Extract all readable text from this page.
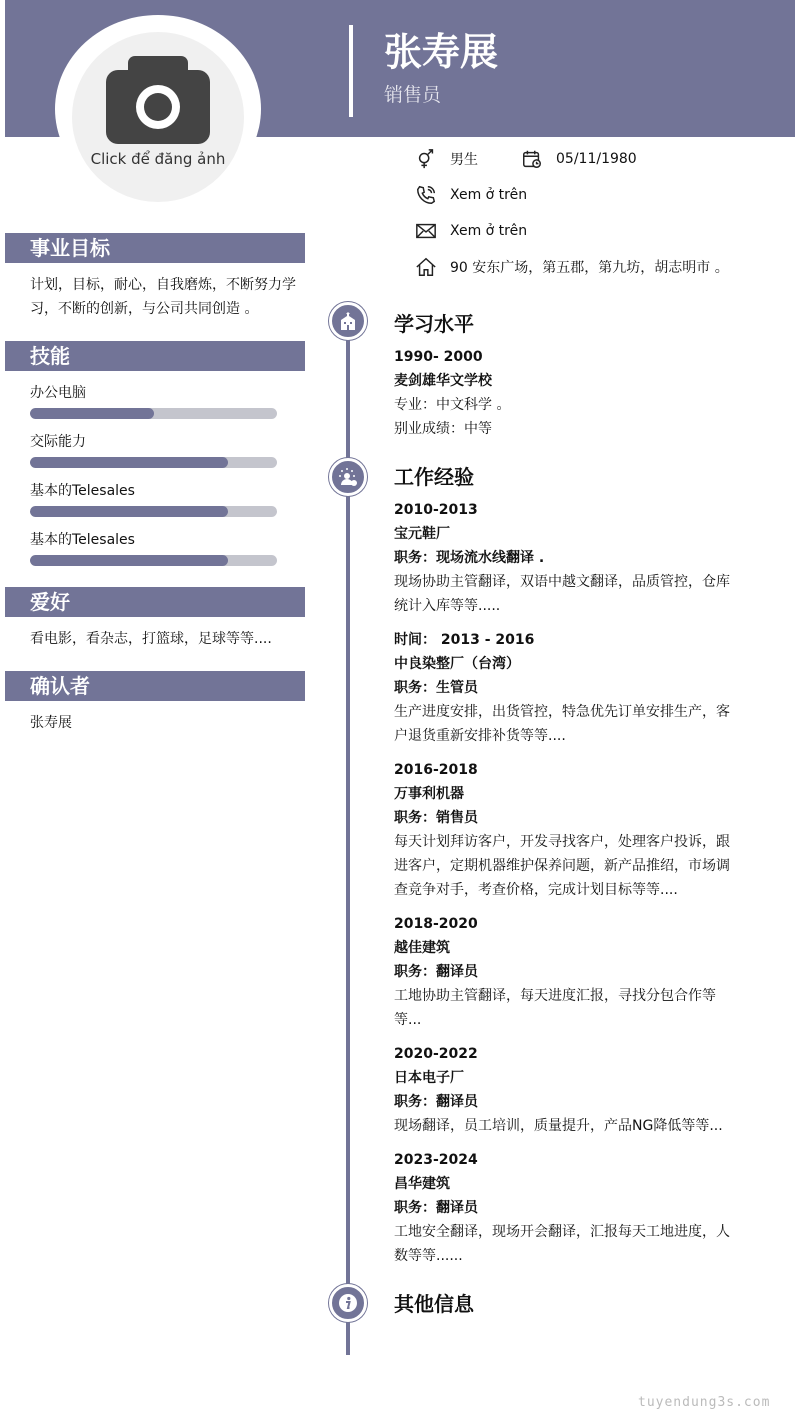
张寿展
销售员
Click để đăng ảnh	男生	05/11/1980
Xem ở trên
Xem ở trên
90 安东广场，第五郡，第九坊，胡志明市 。
事业目标
计划，目标，耐心，自我磨炼，不断努力学习，不断的创新，与公司共同创造 。
技能
办公电脑
交际能力
基本的Telesales
基本的Telesales
爱好
看电影，看杂志，打篮球，足球等等....
确认者
张寿展
学习水平
1990- 2000
麦剑雄华文学校
专业：中文科学 。
别业成绩：中等
工作经验
2010-2013
宝元鞋厂
职务：现场流水线翻译 .
现场协助主管翻译，双语中越文翻译，品质管控，仓库统计入库等等.....
时间： 2013 - 2016
中良染整厂（台湾）
职务：生管员
生产进度安排，出货管控，特急优先订单安排生产，客户退货重新安排补货等等....
2016-2018
万事利机器
职务：销售员
每天计划拜访客户，开发寻找客户，处理客户投诉，跟进客户，定期机器维护保养问题，新产品推绍，市场调查竞争对手，考查价格，完成计划目标等等....
2018-2020
越佳建筑
职务：翻译员
工地协助主管翻译，每天进度汇报，寻找分包合作等等...
2020-2022
日本电子厂
职务：翻译员
现场翻译，员工培训，质量提升，产品NG降低等等...
2023-2024
昌华建筑
职务：翻译员
工地安全翻译，现场开会翻译，汇报每天工地进度，人数等等......
其他信息
tuyendung3s.com
